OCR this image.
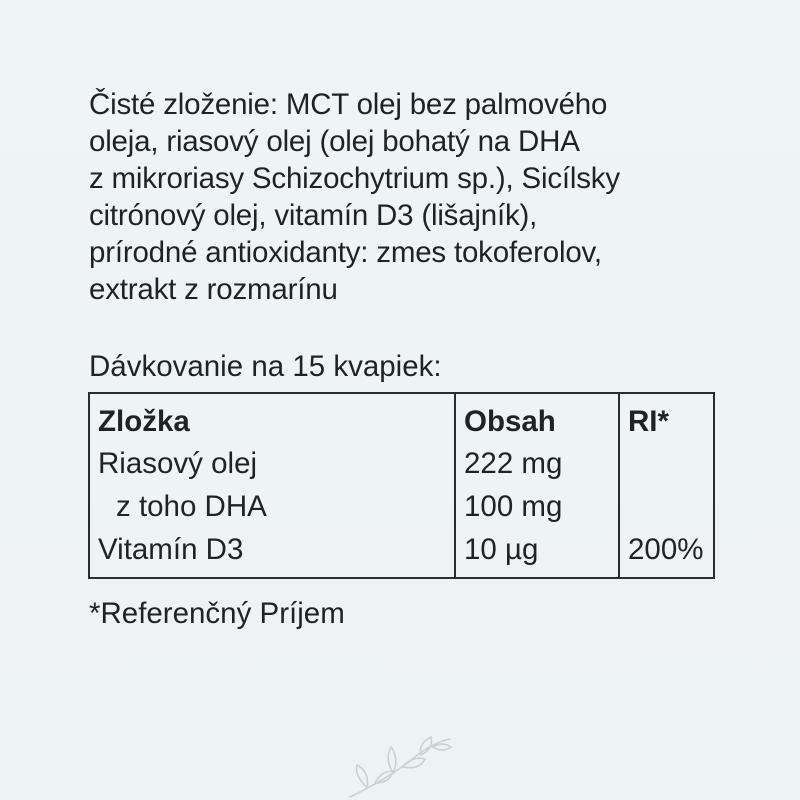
Čisté zloženie: MCT olej bez palmového
oleja, riasový olej (olej bohatý na DHA
z mikroriasy Schizochytrium sp.), Sicílsky
citrónový olej, vitamín D3 (lišajník),
prírodné antioxidanty: zmes tokoferolov,
extrakt z rozmarínu
Dávkovanie na 15 kvapiek:
Zložka	Obsah	RI*
Riasový olej	222 mg	
z toho DHA	100 mg	
Vitamín D3	10 µg	200%
*Referenčný Príjem
